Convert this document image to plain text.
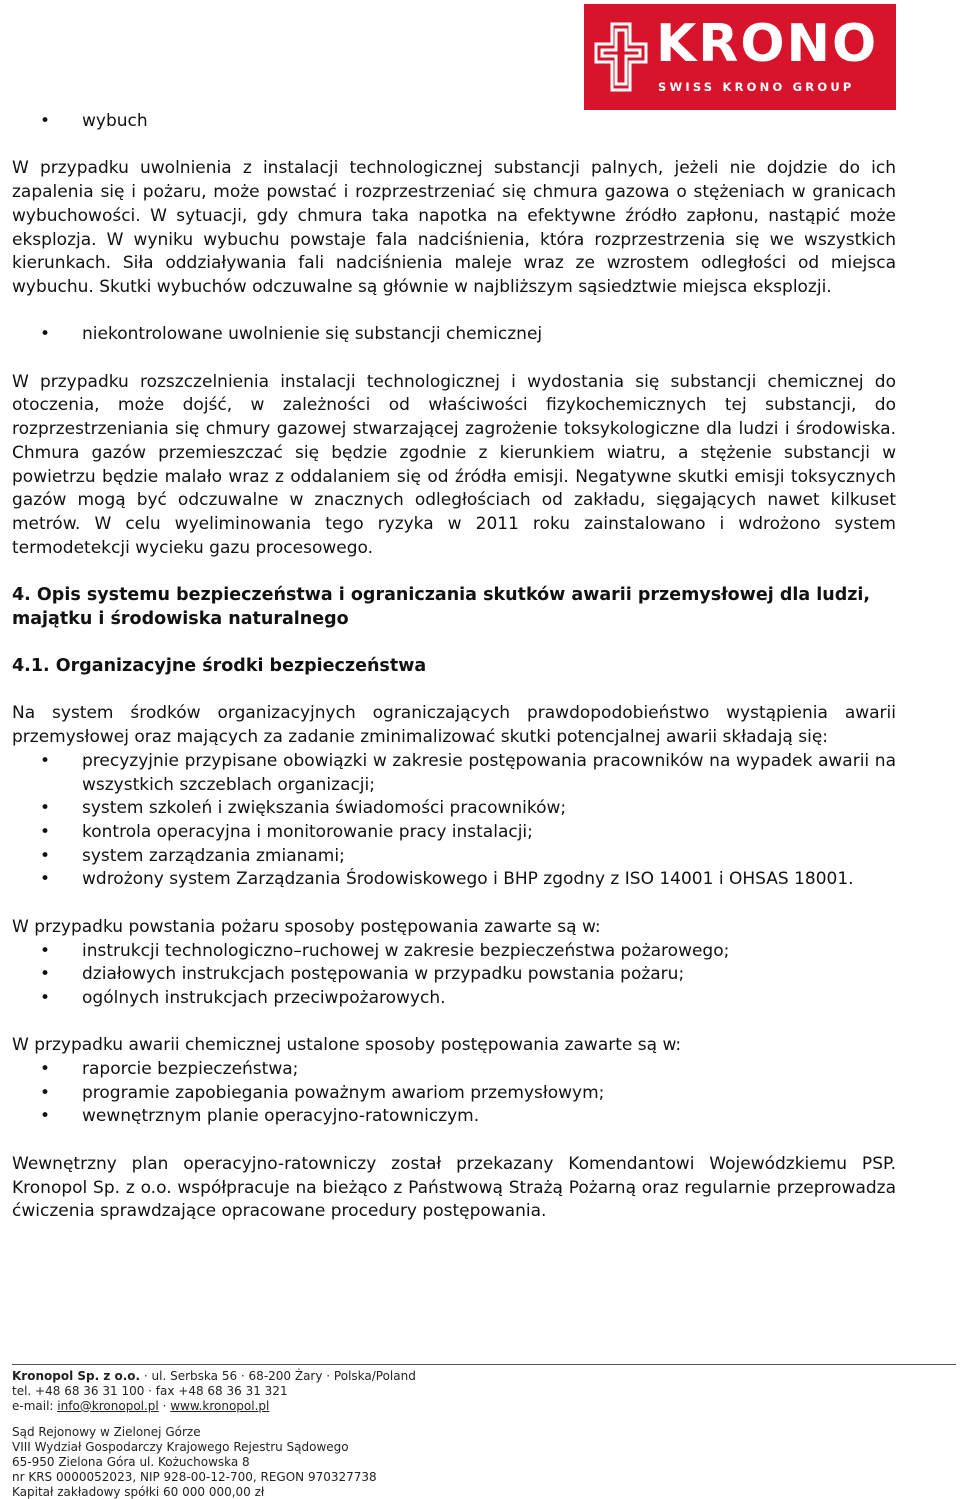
KRONO
SWISS KRONO GROUP
• wybuch

W przypadku uwolnienia z instalacji technologicznej substancji palnych, jeżeli nie dojdzie do ich zapalenia się i pożaru, może powstać i rozprzestrzeniać się chmura gazowa o stężeniach w granicach wybuchowości. W sytuacji, gdy chmura taka napotka na efektywne źródło zapłonu, nastąpić może eksplozja. W wyniku wybuchu powstaje fala nadciśnienia, która rozprzestrzenia się we wszystkich kierunkach. Siła oddziaływania fali nadciśnienia maleje wraz ze wzrostem odległości od miejsca wybuchu. Skutki wybuchów odczuwalne są głównie w najbliższym sąsiedztwie miejsca eksplozji.

• niekontrolowane uwolnienie się substancji chemicznej

W przypadku rozszczelnienia instalacji technologicznej i wydostania się substancji chemicznej do otoczenia, może dojść, w zależności od właściwości fizykochemicznych tej substancji, do rozprzestrzeniania się chmury gazowej stwarzającej zagrożenie toksykologiczne dla ludzi i środowiska. Chmura gazów przemieszczać się będzie zgodnie z kierunkiem wiatru, a stężenie substancji w powietrzu będzie malało wraz z oddalaniem się od źródła emisji. Negatywne skutki emisji toksycznych gazów mogą być odczuwalne w znacznych odległościach od zakładu, sięgających nawet kilkuset metrów. W celu wyeliminowania tego ryzyka w 2011 roku zainstalowano i wdrożono system termodetekcji wycieku gazu procesowego.

4. Opis systemu bezpieczeństwa i ograniczania skutków awarii przemysłowej dla ludzi, majątku i środowiska naturalnego
4.1. Organizacyjne środki bezpieczeństwa

Na system środków organizacyjnych ograniczających prawdopodobieństwo wystąpienia awarii przemysłowej oraz mających za zadanie zminimalizować skutki potencjalnej awarii składają się:

• precyzyjnie przypisane obowiązki w zakresie postępowania pracowników na wypadek awarii na wszystkich szczeblach organizacji;
• system szkoleń i zwiększania świadomości pracowników;
• kontrola operacyjna i monitorowanie pracy instalacji;
• system zarządzania zmianami;
• wdrożony system Zarządzania Środowiskowego i BHP zgodny z ISO 14001 i OHSAS 18001.

W przypadku powstania pożaru sposoby postępowania zawarte są w:

• instrukcji technologiczno–ruchowej w zakresie bezpieczeństwa pożarowego;
• działowych instrukcjach postępowania w przypadku powstania pożaru;
• ogólnych instrukcjach przeciwpożarowych.

W przypadku awarii chemicznej ustalone sposoby postępowania zawarte są w:

• raporcie bezpieczeństwa;
• programie zapobiegania poważnym awariom przemysłowym;
• wewnętrznym planie operacyjno-ratowniczym.

Wewnętrzny plan operacyjno-ratowniczy został przekazany Komendantowi Wojewódzkiemu PSP. Kronopol Sp. z o.o. współpracuje na bieżąco z Państwową Strażą Pożarną oraz regularnie przeprowadza ćwiczenia sprawdzające opracowane procedury postępowania.

Kronopol Sp. z o.o. · ul. Serbska 56 · 68-200 Żary · Polska/Poland
tel. +48 68 36 31 100 · fax +48 68 36 31 321
e-mail: info@kronopol.pl · www.kronopol.pl
Sąd Rejonowy w Zielonej Górze
VIII Wydział Gospodarczy Krajowego Rejestru Sądowego
65-950 Zielona Góra ul. Kożuchowska 8
nr KRS 0000052023, NIP 928-00-12-700, REGON 970327738
Kapitał zakładowy spółki 60 000 000,00 zł
